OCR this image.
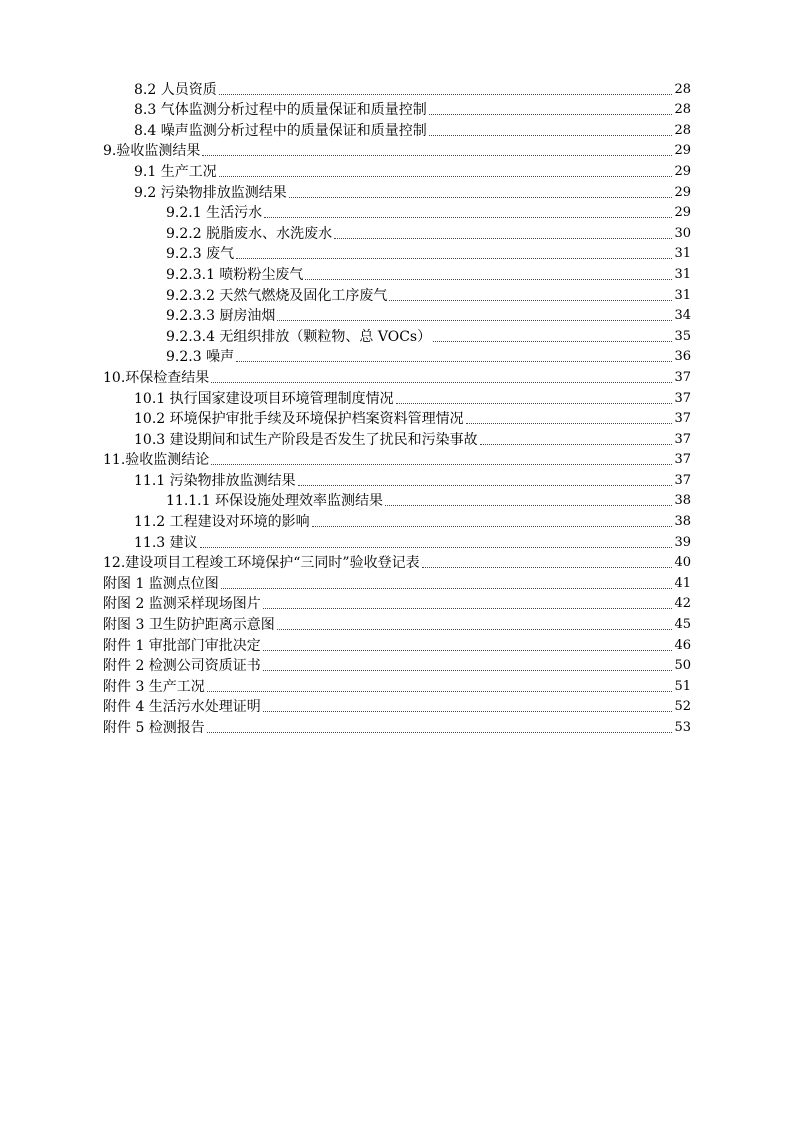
8.2 人员资质	28
8.3 气体监测分析过程中的质量保证和质量控制	28
8.4 噪声监测分析过程中的质量保证和质量控制	28
9.验收监测结果	29
9.1 生产工况	29
9.2 污染物排放监测结果	29
9.2.1 生活污水	29
9.2.2 脱脂废水、水洗废水	30
9.2.3 废气	31
9.2.3.1 喷粉粉尘废气	31
9.2.3.2 天然气燃烧及固化工序废气	31
9.2.3.3 厨房油烟	34
9.2.3.4 无组织排放（颗粒物、总 VOCs）	35
9.2.3 噪声	36
10.环保检查结果	37
10.1 执行国家建设项目环境管理制度情况	37
10.2 环境保护审批手续及环境保护档案资料管理情况	37
10.3 建设期间和试生产阶段是否发生了扰民和污染事故	37
11.验收监测结论	37
11.1 污染物排放监测结果	37
11.1.1 环保设施处理效率监测结果	38
11.2 工程建设对环境的影响	38
11.3 建议	39
12.建设项目工程竣工环境保护“三同时”验收登记表	40
附图 1 监测点位图	41
附图 2 监测采样现场图片	42
附图 3 卫生防护距离示意图	45
附件 1 审批部门审批决定	46
附件 2 检测公司资质证书	50
附件 3 生产工况	51
附件 4 生活污水处理证明	52
附件 5 检测报告	53
